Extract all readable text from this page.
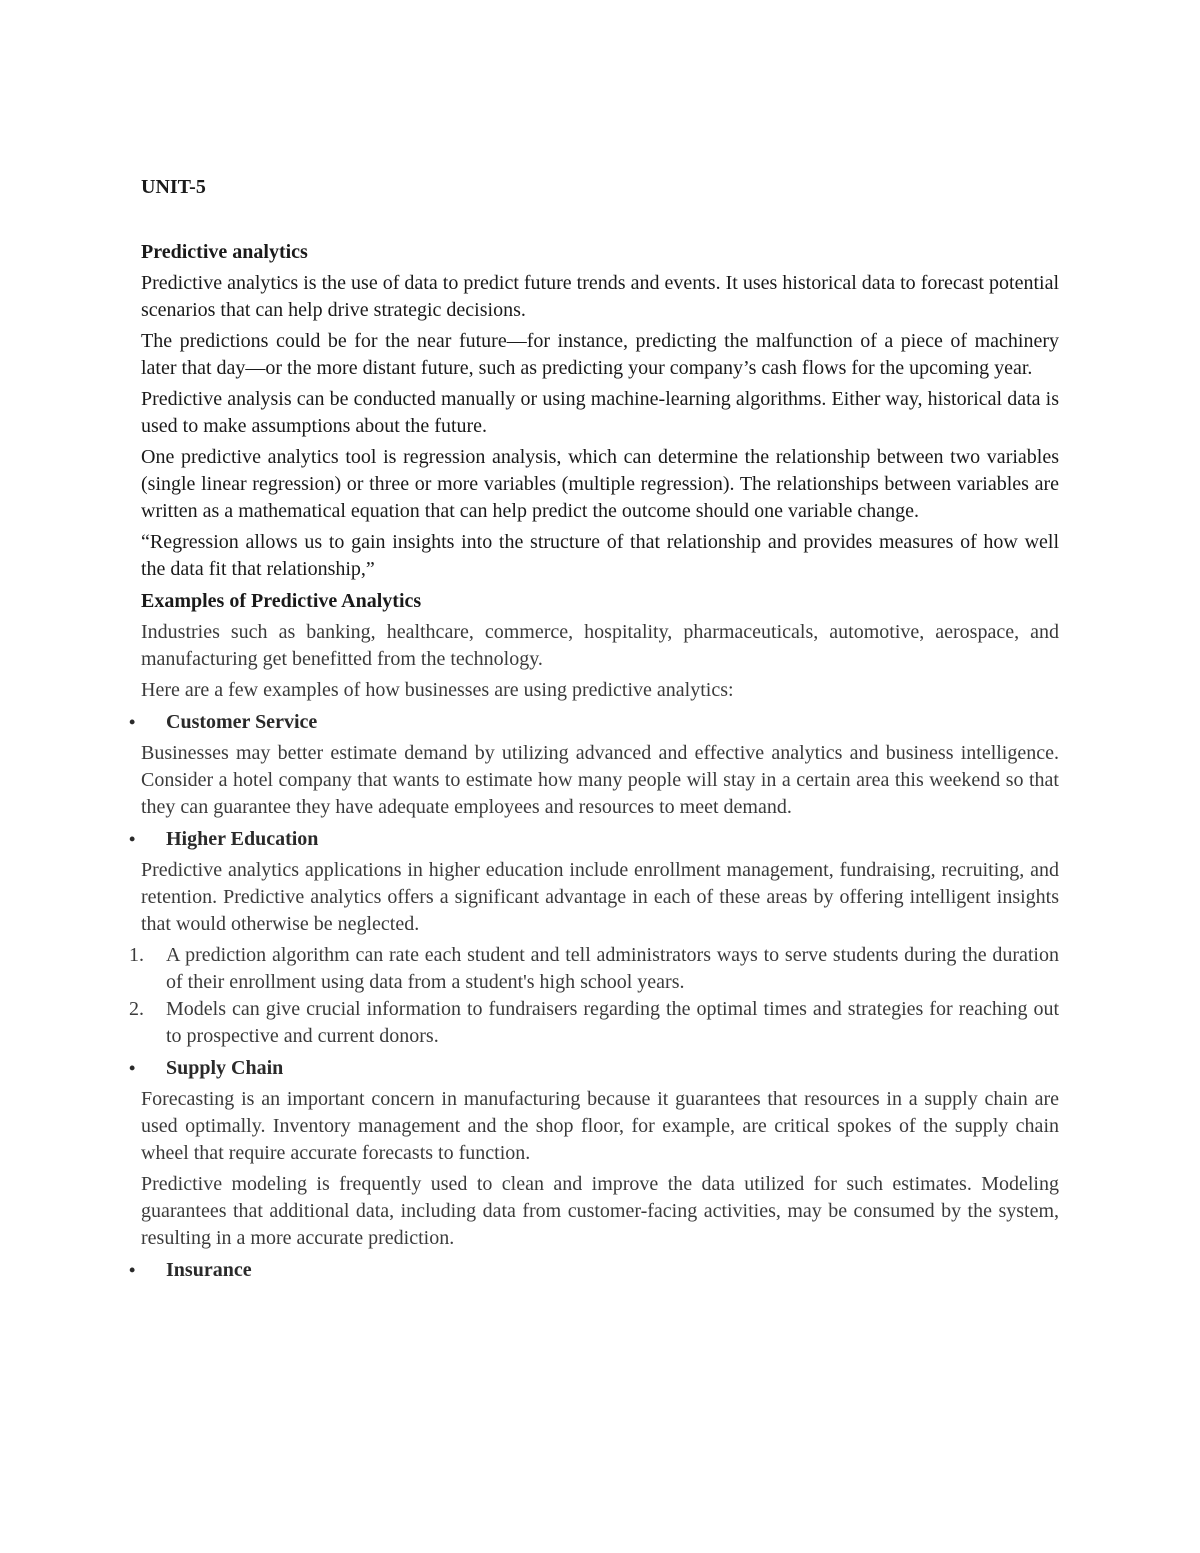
UNIT-5
Predictive analytics

Predictive analytics is the use of data to predict future trends and events. It uses historical data to forecast potential scenarios that can help drive strategic decisions.

The predictions could be for the near future—for instance, predicting the malfunction of a piece of machinery later that day—or the more distant future, such as predicting your company’s cash flows for the upcoming year.

Predictive analysis can be conducted manually or using machine-learning algorithms. Either way, historical data is used to make assumptions about the future.

One predictive analytics tool is regression analysis, which can determine the relationship between two variables (single linear regression) or three or more variables (multiple regression). The relationships between variables are written as a mathematical equation that can help predict the outcome should one variable change.

“Regression allows us to gain insights into the structure of that relationship and provides measures of how well the data fit that relationship,”

Examples of Predictive Analytics

Industries such as banking, healthcare, commerce, hospitality, pharmaceuticals, automotive, aerospace, and manufacturing get benefitted from the technology.

Here are a few examples of how businesses are using predictive analytics:

• Customer Service

Businesses may better estimate demand by utilizing advanced and effective analytics and business intelligence. Consider a hotel company that wants to estimate how many people will stay in a certain area this weekend so that they can guarantee they have adequate employees and resources to meet demand.

• Higher Education

Predictive analytics applications in higher education include enrollment management, fundraising, recruiting, and retention. Predictive analytics offers a significant advantage in each of these areas by offering intelligent insights that would otherwise be neglected.

1. A prediction algorithm can rate each student and tell administrators ways to serve students during the duration of their enrollment using data from a student's high school years.
2. Models can give crucial information to fundraisers regarding the optimal times and strategies for reaching out to prospective and current donors.
• Supply Chain

Forecasting is an important concern in manufacturing because it guarantees that resources in a supply chain are used optimally. Inventory management and the shop floor, for example, are critical spokes of the supply chain wheel that require accurate forecasts to function.

Predictive modeling is frequently used to clean and improve the data utilized for such estimates. Modeling guarantees that additional data, including data from customer-facing activities, may be consumed by the system, resulting in a more accurate prediction.

• Insurance
